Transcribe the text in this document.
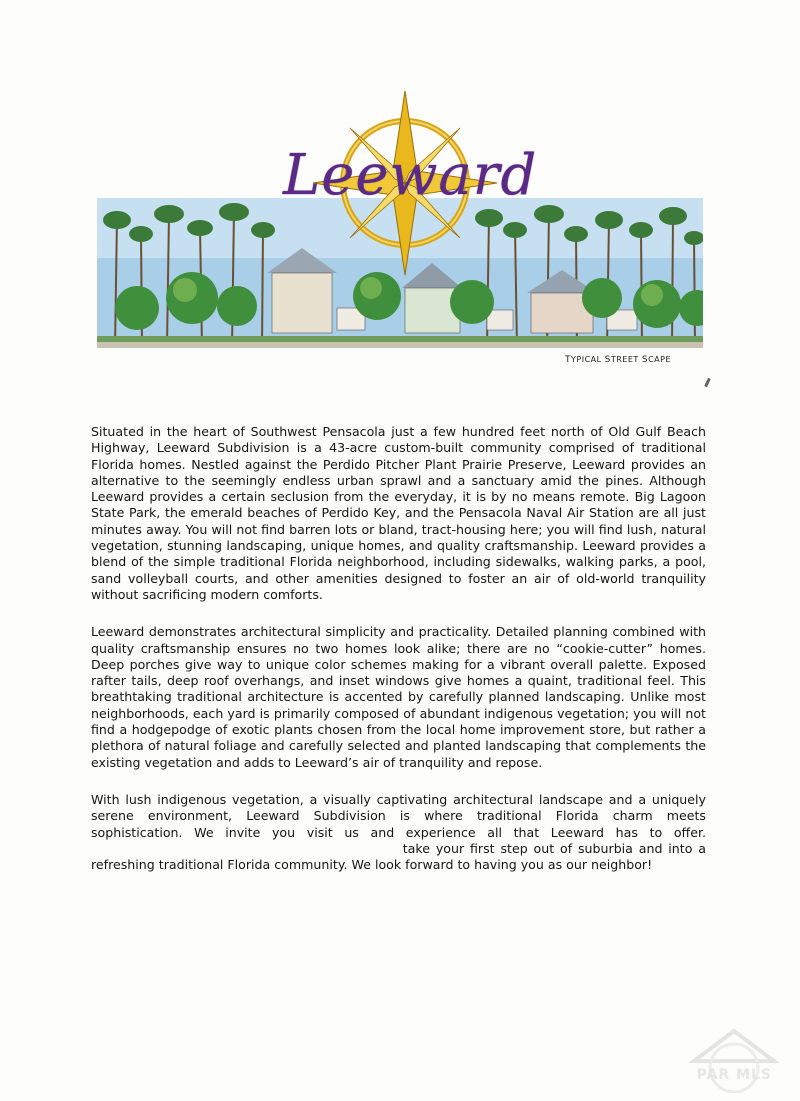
Leeward
TYPICAL STREET SCAPE

Situated in the heart of Southwest Pensacola just a few hundred feet north of Old Gulf Beach Highway, Leeward Subdivision is a 43-acre custom-built community comprised of traditional Florida homes. Nestled against the Perdido Pitcher Plant Prairie Preserve, Leeward provides an alternative to the seemingly endless urban sprawl and a sanctuary amid the pines. Although Leeward provides a certain seclusion from the everyday, it is by no means remote. Big Lagoon State Park, the emerald beaches of Perdido Key, and the Pensacola Naval Air Station are all just minutes away. You will not find barren lots or bland, tract-housing here; you will find lush, natural vegetation, stunning landscaping, unique homes, and quality craftsmanship. Leeward provides a blend of the simple traditional Florida neighborhood, including sidewalks, walking parks, a pool, sand volleyball courts, and other amenities designed to foster an air of old-world tranquility without sacrificing modern comforts.

Leeward demonstrates architectural simplicity and practicality. Detailed planning combined with quality craftsmanship ensures no two homes look alike; there are no “cookie-cutter” homes. Deep porches give way to unique color schemes making for a vibrant overall palette. Exposed rafter tails, deep roof overhangs, and inset windows give homes a quaint, traditional feel. This breathtaking traditional architecture is accented by carefully planned landscaping. Unlike most neighborhoods, each yard is primarily composed of abundant indigenous vegetation; you will not find a hodgepodge of exotic plants chosen from the local home improvement store, but rather a plethora of natural foliage and carefully selected and planted landscaping that complements the existing vegetation and adds to Leeward’s air of tranquility and repose.

With lush indigenous vegetation, a visually captivating architectural landscape and a uniquely serene environment, Leeward Subdivision is where traditional Florida charm meets sophistication. We invite you visit us and experience all that Leeward has to offer.   take your first step out of suburbia and into a refreshing traditional Florida community. We look forward to having you as our neighbor!

PAR MLS
